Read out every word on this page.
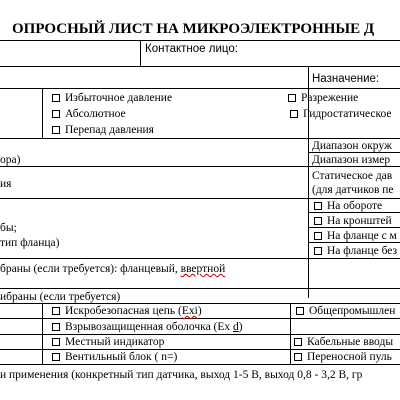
ОПРОСНЫЙ ЛИСТ НА МИКРОЭЛЕКТРОННЫЕ Д
Контактное лицо:
Назначение:
Избыточное давление	Разрежение
Абсолютное	Гидростатическое
Перепад давления
Диапазон окруж
ора)	Диапазон измер
ия
Статическое дав
(для датчиков пе
На обороте
На кронштей
На фланце с м
На фланце без
бы;
тип фланца)
браны (если требуется): фланцевый, ввертной
ибраны (если требуется)
Искробезопасная цепь (Exi)	Общепромышлен
Взрывозащищенная оболочка (Ex d)
Местный индикатор	Кабельные вводы
Вентильный блок ( n=)	Переносной пуль
и применения (конкретный тип датчика, выход 1-5 В, выход 0,8 - 3,2 В, гр
